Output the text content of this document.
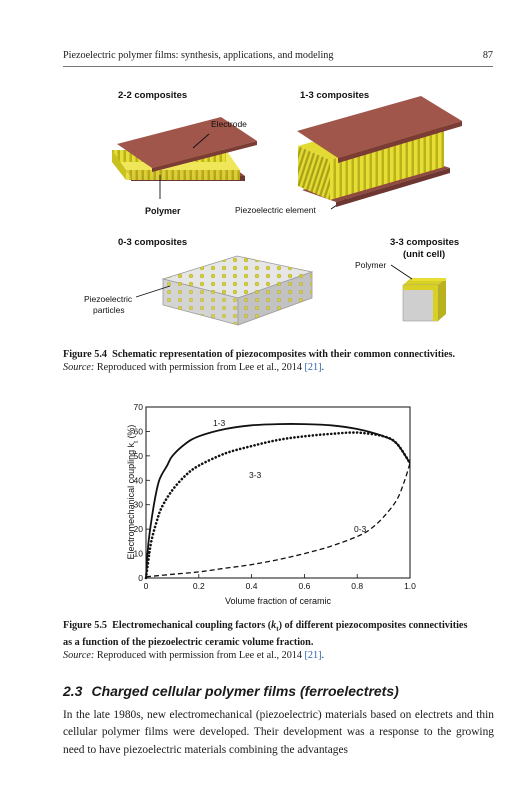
Piezoelectric polymer films: synthesis, applications, and modeling	87
2-2 composites	1-3 composites
Electrode
Polymer	Piezoelectric element
0-3 composites	3-3 composites
(unit cell)
Piezoelectric
particles
Polymer
Figure 5.4 Schematic representation of piezocomposites with their common connectivities.
Source: Reproduced with permission from Lee et al., 2014 [21].
0	0.2	0.4	0.6	0.8	1.0
0
10
20
30
40
50
60
70
Volume fraction of ceramic
Electromechanical coupling $k_t$ (%)
1-3
3-3
0-3
Figure 5.5 Electromechanical coupling factors $(k_t)$ of different piezocomposites connectivities as a function of the piezoelectric ceramic volume fraction.
Source: Reproduced with permission from Lee et al., 2014 [21].
2.3 Charged cellular polymer films (ferroelectrets)
In the late 1980s, new electromechanical (piezoelectric) materials based on electrets and thin cellular polymer films were developed. Their development was a response to the growing need to have piezoelectric materials combining the advantages
